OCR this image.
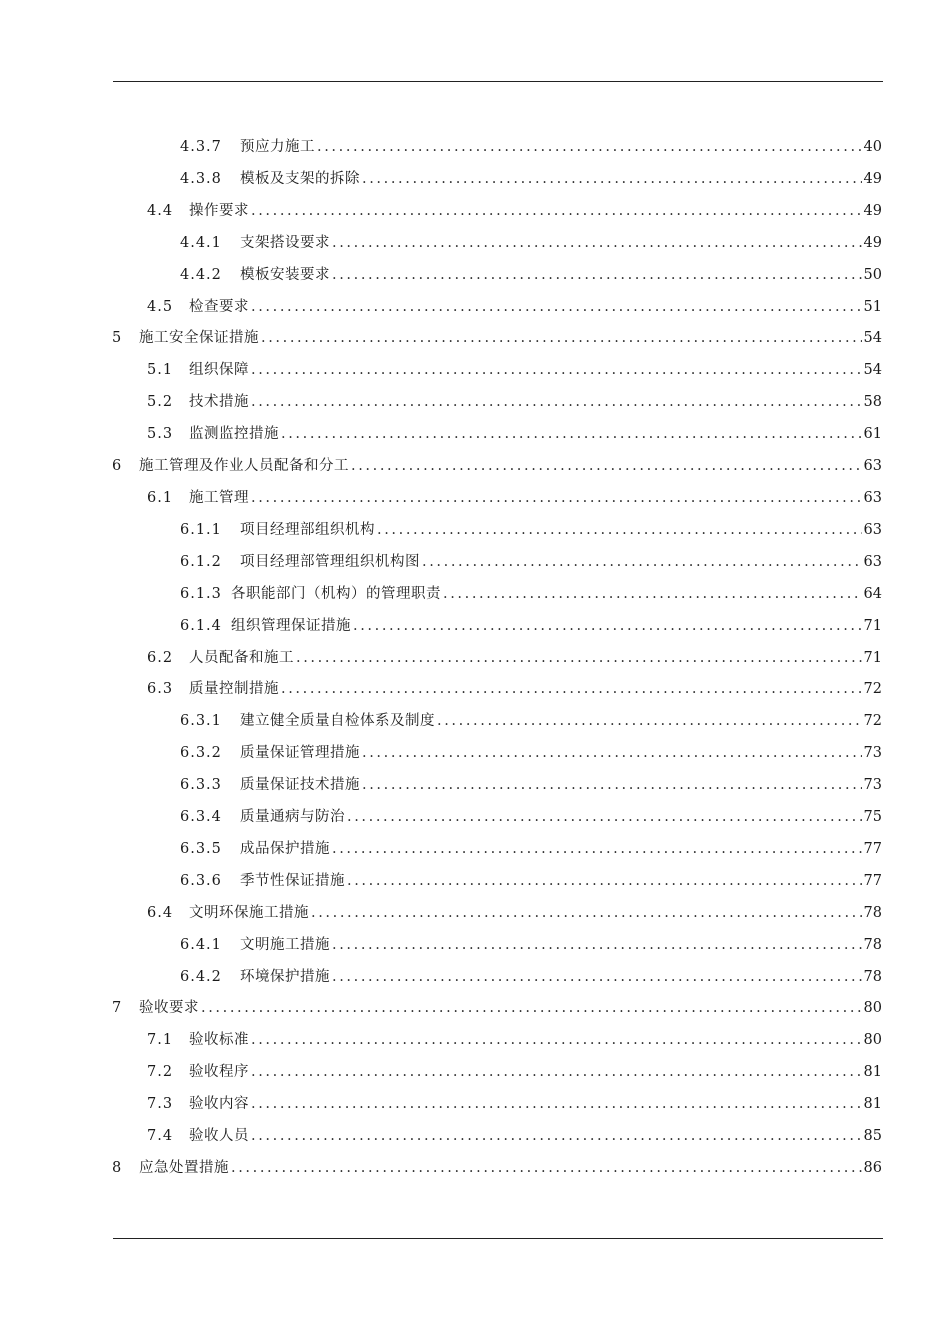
4.3.7	预应力施工 .....	40
4.3.8	模板及支架的拆除 .....	49
4.4	操作要求 .....	49
4.4.1	支架搭设要求 .....	49
4.4.2	模板安装要求 .....	50
4.5	检查要求 .....	51
5	施工安全保证措施 .....	54
5.1	组织保障 .....	54
5.2	技术措施 .....	58
5.3	监测监控措施 .....	61
6	施工管理及作业人员配备和分工 .....	63
6.1	施工管理 .....	63
6.1.1	项目经理部组织机构 .....	63
6.1.2	项目经理部管理组织机构图 .....	63
6.1.3 各职能部门（机构）的管理职责 .....	64
6.1.4 组织管理保证措施 .....	71
6.2	人员配备和施工 .....	71
6.3	质量控制措施 .....	72
6.3.1	建立健全质量自检体系及制度 .....	72
6.3.2	质量保证管理措施 .....	73
6.3.3	质量保证技术措施 .....	73
6.3.4	质量通病与防治 .....	75
6.3.5	成品保护措施 .....	77
6.3.6	季节性保证措施 .....	77
6.4	文明环保施工措施 .....	78
6.4.1	文明施工措施 .....	78
6.4.2	环境保护措施 .....	78
7	验收要求 .....	80
7.1	验收标准 .....	80
7.2	验收程序 .....	81
7.3	验收内容 .....	81
7.4	验收人员 .....	85
8	应急处置措施 .....	86
